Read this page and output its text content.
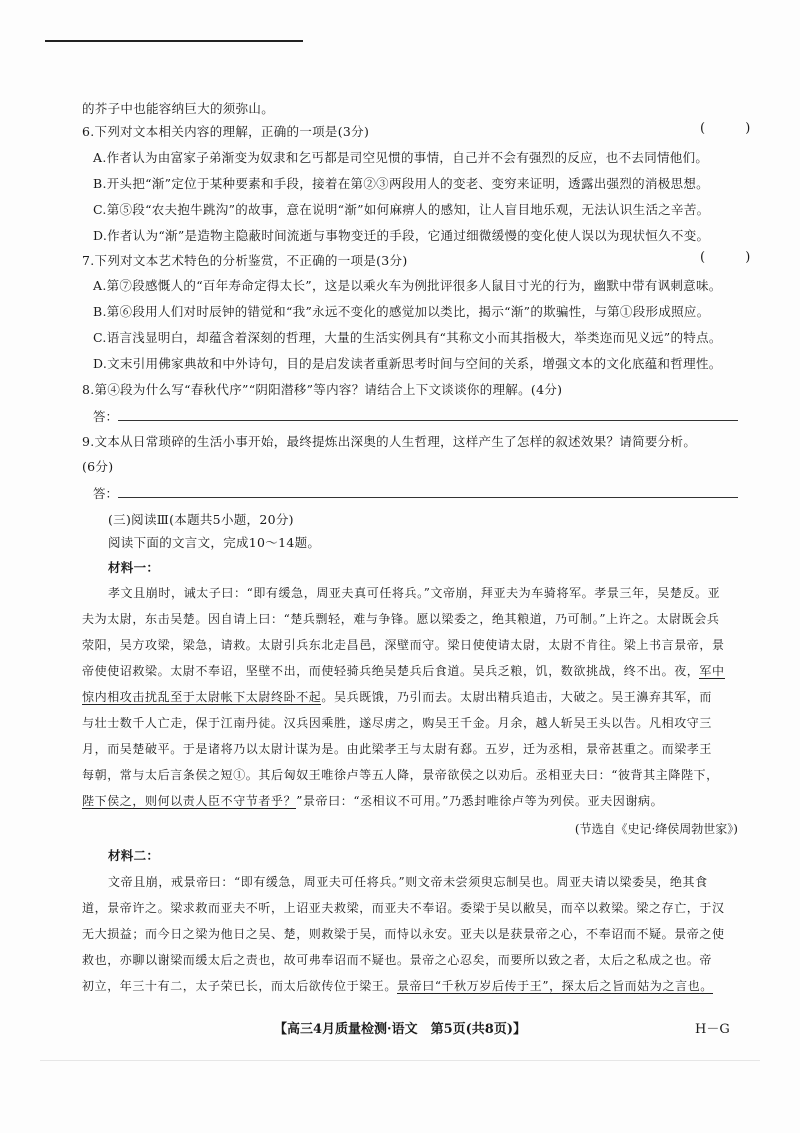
的芥子中也能容纳巨大的须弥山。
6.下列对文本相关内容的理解，正确的一项是(3分)	( )
A.作者认为由富家子弟渐变为奴隶和乞丐都是司空见惯的事情，自己并不会有强烈的反应，也不去同情他们。
B.开头把“渐”定位于某种要素和手段，接着在第②③两段用人的变老、变穷来证明，透露出强烈的消极思想。
C.第⑤段“农夫抱牛跳沟”的故事，意在说明“渐”如何麻痹人的感知，让人盲目地乐观，无法认识生活之辛苦。
D.作者认为“渐”是造物主隐蔽时间流逝与事物变迁的手段，它通过细微缓慢的变化使人误以为现状恒久不变。
7.下列对文本艺术特色的分析鉴赏，不正确的一项是(3分)	( )
A.第⑦段感慨人的“百年寿命定得太长”，这是以乘火车为例批评很多人鼠目寸光的行为，幽默中带有讽刺意味。
B.第⑥段用人们对时辰钟的错觉和“我”永远不变化的感觉加以类比，揭示“渐”的欺骗性，与第①段形成照应。
C.语言浅显明白，却蕴含着深刻的哲理，大量的生活实例具有“其称文小而其指极大，举类迩而见义远”的特点。
D.文末引用佛家典故和中外诗句，目的是启发读者重新思考时间与空间的关系，增强文本的文化底蕴和哲理性。
8.第④段为什么写“春秋代序”“阴阳潜移”等内容？请结合上下文谈谈你的理解。(4分)
答：
9.文本从日常琐碎的生活小事开始，最终提炼出深奥的人生哲理，这样产生了怎样的叙述效果？请简要分析。
(6分)
答：
(三)阅读Ⅲ(本题共5小题，20分)
阅读下面的文言文，完成10～14题。
材料一：
孝文且崩时，诫太子曰：“即有缓急，周亚夫真可任将兵。”文帝崩，拜亚夫为车骑将军。孝景三年，吴楚反。亚
夫为太尉，东击吴楚。因自请上曰：“楚兵剽轻，难与争锋。愿以梁委之，绝其粮道，乃可制。”上许之。太尉既会兵
荥阳，吴方攻梁，梁急，请救。太尉引兵东北走昌邑，深壁而守。梁日使使请太尉，太尉不肯往。梁上书言景帝，景
帝使使诏救梁。太尉不奉诏，坚壁不出，而使轻骑兵绝吴楚兵后食道。吴兵乏粮，饥，数欲挑战，终不出。夜，军中
惊内相攻击扰乱至于太尉帐下太尉终卧不起。吴兵既饿，乃引而去。太尉出精兵追击，大破之。吴王濞弃其军，而
与壮士数千人亡走，保于江南丹徒。汉兵因乘胜，遂尽虏之，购吴王千金。月余，越人斩吴王头以告。凡相攻守三
月，而吴楚破平。于是诸将乃以太尉计谋为是。由此梁孝王与太尉有郄。五岁，迁为丞相，景帝甚重之。而梁孝王
每朝，常与太后言条侯之短①。其后匈奴王唯徐卢等五人降，景帝欲侯之以劝后。丞相亚夫曰：“彼背其主降陛下，
陛下侯之，则何以责人臣不守节者乎？”景帝曰：“丞相议不可用。”乃悉封唯徐卢等为列侯。亚夫因谢病。
(节选自《史记·绛侯周勃世家》)
材料二：
文帝且崩，戒景帝曰：“即有缓急，周亚夫可任将兵。”则文帝未尝须臾忘制吴也。周亚夫请以梁委吴，绝其食
道，景帝许之。梁求救而亚夫不听，上诏亚夫救梁，而亚夫不奉诏。委梁于吴以敝吴，而卒以救梁。梁之存亡，于汉
无大损益；而今日之梁为他日之吴、楚，则救梁于吴，而恃以永安。亚夫以是获景帝之心，不奉诏而不疑。景帝之使
救也，亦聊以谢梁而缓太后之责也，故可弗奉诏而不疑也。景帝之心忍矣，而要所以致之者，太后之私成之也。帝
初立，年三十有二，太子荣已长，而太后欲传位于梁王。景帝曰“千秋万岁后传于王”，探太后之旨而姑为之言也。
【高三4月质量检测·语文　第5页(共8页)】	H－G
